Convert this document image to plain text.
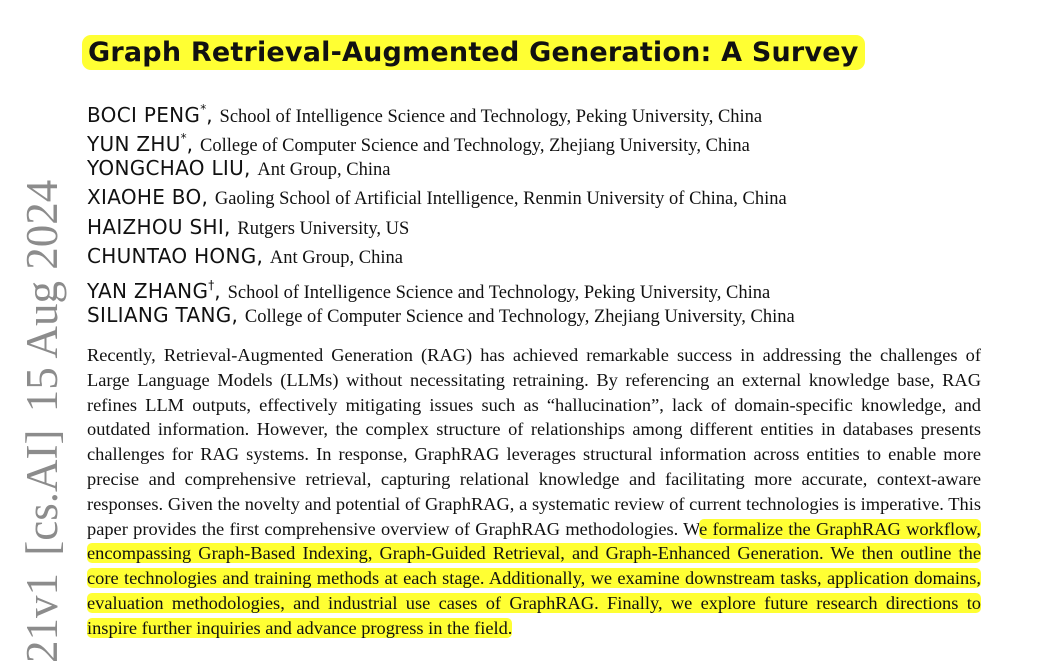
21v1 [cs.AI] 15 Aug 2024
Graph Retrieval-Augmented Generation: A Survey
BOCI PENG*, School of Intelligence Science and Technology, Peking University, China
YUN ZHU*, College of Computer Science and Technology, Zhejiang University, China
YONGCHAO LIU, Ant Group, China
XIAOHE BO, Gaoling School of Artificial Intelligence, Renmin University of China, China
HAIZHOU SHI, Rutgers University, US
CHUNTAO HONG, Ant Group, China
YAN ZHANG†, School of Intelligence Science and Technology, Peking University, China
SILIANG TANG, College of Computer Science and Technology, Zhejiang University, China
Recently, Retrieval-Augmented Generation (RAG) has achieved remarkable success in addressing the challenges of Large Language Models (LLMs) without necessitating retraining. By referencing an external knowledge base, RAG refines LLM outputs, effectively mitigating issues such as “hallucination”, lack of domain-specific knowledge, and outdated information. However, the complex structure of relationships among different entities in databases presents challenges for RAG systems. In response, GraphRAG leverages structural information across entities to enable more precise and comprehensive retrieval, capturing relational knowledge and facilitating more accurate, context-aware responses. Given the novelty and potential of GraphRAG, a systematic review of current technologies is imperative. This paper provides the first comprehensive overview of GraphRAG methodologies. We formalize the GraphRAG workflow, encompassing Graph-Based Indexing, Graph-Guided Retrieval, and Graph-Enhanced Generation. We then outline the core technologies and training methods at each stage. Additionally, we examine downstream tasks, application domains, evaluation methodologies, and industrial use cases of GraphRAG. Finally, we explore future research directions to inspire further inquiries and advance progress in the field.
